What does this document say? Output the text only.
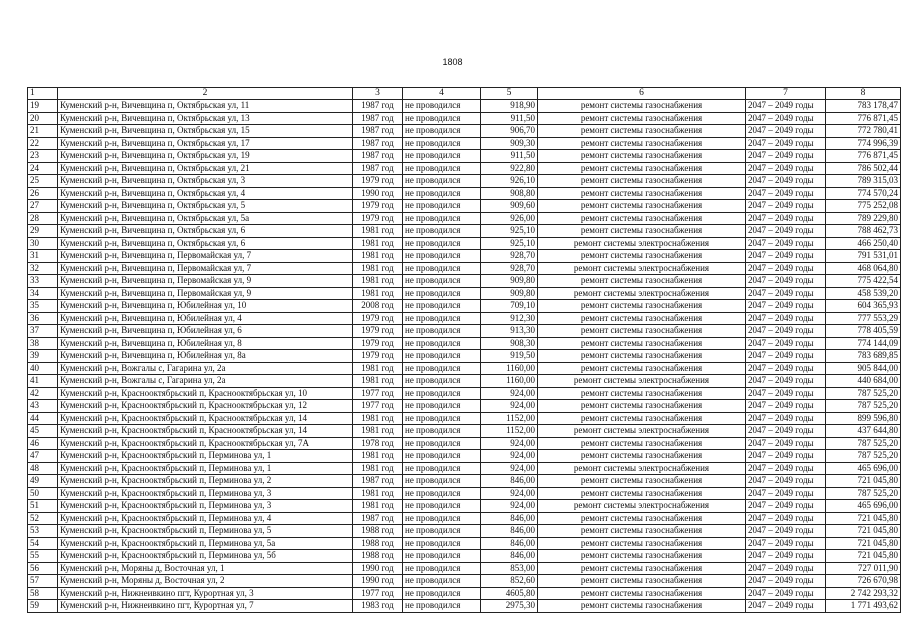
1808
1	2	3	4	5	6	7	8
19	Куменский р-н, Вичевщина п, Октябрьская ул, 11	1987 год	не проводился	918,90	ремонт системы газоснабжения	2047 – 2049 годы	783 178,47
20	Куменский р-н, Вичевщина п, Октябрьская ул, 13	1987 год	не проводился	911,50	ремонт системы газоснабжения	2047 – 2049 годы	776 871,45
21	Куменский р-н, Вичевщина п, Октябрьская ул, 15	1987 год	не проводился	906,70	ремонт системы газоснабжения	2047 – 2049 годы	772 780,41
22	Куменский р-н, Вичевщина п, Октябрьская ул, 17	1987 год	не проводился	909,30	ремонт системы газоснабжения	2047 – 2049 годы	774 996,39
23	Куменский р-н, Вичевщина п, Октябрьская ул, 19	1987 год	не проводился	911,50	ремонт системы газоснабжения	2047 – 2049 годы	776 871,45
24	Куменский р-н, Вичевщина п, Октябрьская ул, 21	1987 год	не проводился	922,80	ремонт системы газоснабжения	2047 – 2049 годы	786 502,44
25	Куменский р-н, Вичевщина п, Октябрьская ул, 3	1979 год	не проводился	926,10	ремонт системы газоснабжения	2047 – 2049 годы	789 315,03
26	Куменский р-н, Вичевщина п, Октябрьская ул, 4	1990 год	не проводился	908,80	ремонт системы газоснабжения	2047 – 2049 годы	774 570,24
27	Куменский р-н, Вичевщина п, Октябрьская ул, 5	1979 год	не проводился	909,60	ремонт системы газоснабжения	2047 – 2049 годы	775 252,08
28	Куменский р-н, Вичевщина п, Октябрьская ул, 5а	1979 год	не проводился	926,00	ремонт системы газоснабжения	2047 – 2049 годы	789 229,80
29	Куменский р-н, Вичевщина п, Октябрьская ул, 6	1981 год	не проводился	925,10	ремонт системы газоснабжения	2047 – 2049 годы	788 462,73
30	Куменский р-н, Вичевщина п, Октябрьская ул, 6	1981 год	не проводился	925,10	ремонт системы электроснабжения	2047 – 2049 годы	466 250,40
31	Куменский р-н, Вичевщина п, Первомайская ул, 7	1981 год	не проводился	928,70	ремонт системы газоснабжения	2047 – 2049 годы	791 531,01
32	Куменский р-н, Вичевщина п, Первомайская ул, 7	1981 год	не проводился	928,70	ремонт системы электроснабжения	2047 – 2049 годы	468 064,80
33	Куменский р-н, Вичевщина п, Первомайская ул, 9	1981 год	не проводился	909,80	ремонт системы газоснабжения	2047 – 2049 годы	775 422,54
34	Куменский р-н, Вичевщина п, Первомайская ул, 9	1981 год	не проводился	909,80	ремонт системы электроснабжения	2047 – 2049 годы	458 539,20
35	Куменский р-н, Вичевщина п, Юбилейная ул, 10	2008 год	не проводился	709,10	ремонт системы газоснабжения	2047 – 2049 годы	604 365,93
36	Куменский р-н, Вичевщина п, Юбилейная ул, 4	1979 год	не проводился	912,30	ремонт системы газоснабжения	2047 – 2049 годы	777 553,29
37	Куменский р-н, Вичевщина п, Юбилейная ул, 6	1979 год	не проводился	913,30	ремонт системы газоснабжения	2047 – 2049 годы	778 405,59
38	Куменский р-н, Вичевщина п, Юбилейная ул, 8	1979 год	не проводился	908,30	ремонт системы газоснабжения	2047 – 2049 годы	774 144,09
39	Куменский р-н, Вичевщина п, Юбилейная ул, 8а	1979 год	не проводился	919,50	ремонт системы газоснабжения	2047 – 2049 годы	783 689,85
40	Куменский р-н, Вожгалы с, Гагарина ул, 2а	1981 год	не проводился	1160,00	ремонт системы газоснабжения	2047 – 2049 годы	905 844,00
41	Куменский р-н, Вожгалы с, Гагарина ул, 2а	1981 год	не проводился	1160,00	ремонт системы электроснабжения	2047 – 2049 годы	440 684,00
42	Куменский р-н, Краснооктябрьский п, Краснооктябрьская ул, 10	1977 год	не проводился	924,00	ремонт системы газоснабжения	2047 – 2049 годы	787 525,20
43	Куменский р-н, Краснооктябрьский п, Краснооктябрьская ул, 12	1977 год	не проводился	924,00	ремонт системы газоснабжения	2047 – 2049 годы	787 525,20
44	Куменский р-н, Краснооктябрьский п, Краснооктябрьская ул, 14	1981 год	не проводился	1152,00	ремонт системы газоснабжения	2047 – 2049 годы	899 596,80
45	Куменский р-н, Краснооктябрьский п, Краснооктябрьская ул, 14	1981 год	не проводился	1152,00	ремонт системы электроснабжения	2047 – 2049 годы	437 644,80
46	Куменский р-н, Краснооктябрьский п, Краснооктябрьская ул, 7А	1978 год	не проводился	924,00	ремонт системы газоснабжения	2047 – 2049 годы	787 525,20
47	Куменский р-н, Краснооктябрьский п, Перминова ул, 1	1981 год	не проводился	924,00	ремонт системы газоснабжения	2047 – 2049 годы	787 525,20
48	Куменский р-н, Краснооктябрьский п, Перминова ул, 1	1981 год	не проводился	924,00	ремонт системы электроснабжения	2047 – 2049 годы	465 696,00
49	Куменский р-н, Краснооктябрьский п, Перминова ул, 2	1987 год	не проводился	846,00	ремонт системы газоснабжения	2047 – 2049 годы	721 045,80
50	Куменский р-н, Краснооктябрьский п, Перминова ул, 3	1981 год	не проводился	924,00	ремонт системы газоснабжения	2047 – 2049 годы	787 525,20
51	Куменский р-н, Краснооктябрьский п, Перминова ул, 3	1981 год	не проводился	924,00	ремонт системы электроснабжения	2047 – 2049 годы	465 696,00
52	Куменский р-н, Краснооктябрьский п, Перминова ул, 4	1987 год	не проводился	846,00	ремонт системы газоснабжения	2047 – 2049 годы	721 045,80
53	Куменский р-н, Краснооктябрьский п, Перминова ул, 5	1988 год	не проводился	846,00	ремонт системы газоснабжения	2047 – 2049 годы	721 045,80
54	Куменский р-н, Краснооктябрьский п, Перминова ул, 5а	1988 год	не проводился	846,00	ремонт системы газоснабжения	2047 – 2049 годы	721 045,80
55	Куменский р-н, Краснооктябрьский п, Перминова ул, 5б	1988 год	не проводился	846,00	ремонт системы газоснабжения	2047 – 2049 годы	721 045,80
56	Куменский р-н, Моряны д, Восточная ул, 1	1990 год	не проводился	853,00	ремонт системы газоснабжения	2047 – 2049 годы	727 011,90
57	Куменский р-н, Моряны д, Восточная ул, 2	1990 год	не проводился	852,60	ремонт системы газоснабжения	2047 – 2049 годы	726 670,98
58	Куменский р-н, Нижнеивкино пгт, Курортная ул, 3	1977 год	не проводился	4605,80	ремонт системы газоснабжения	2047 – 2049 годы	2 742 293,32
59	Куменский р-н, Нижнеивкино пгт, Курортная ул, 7	1983 год	не проводился	2975,30	ремонт системы газоснабжения	2047 – 2049 годы	1 771 493,62
